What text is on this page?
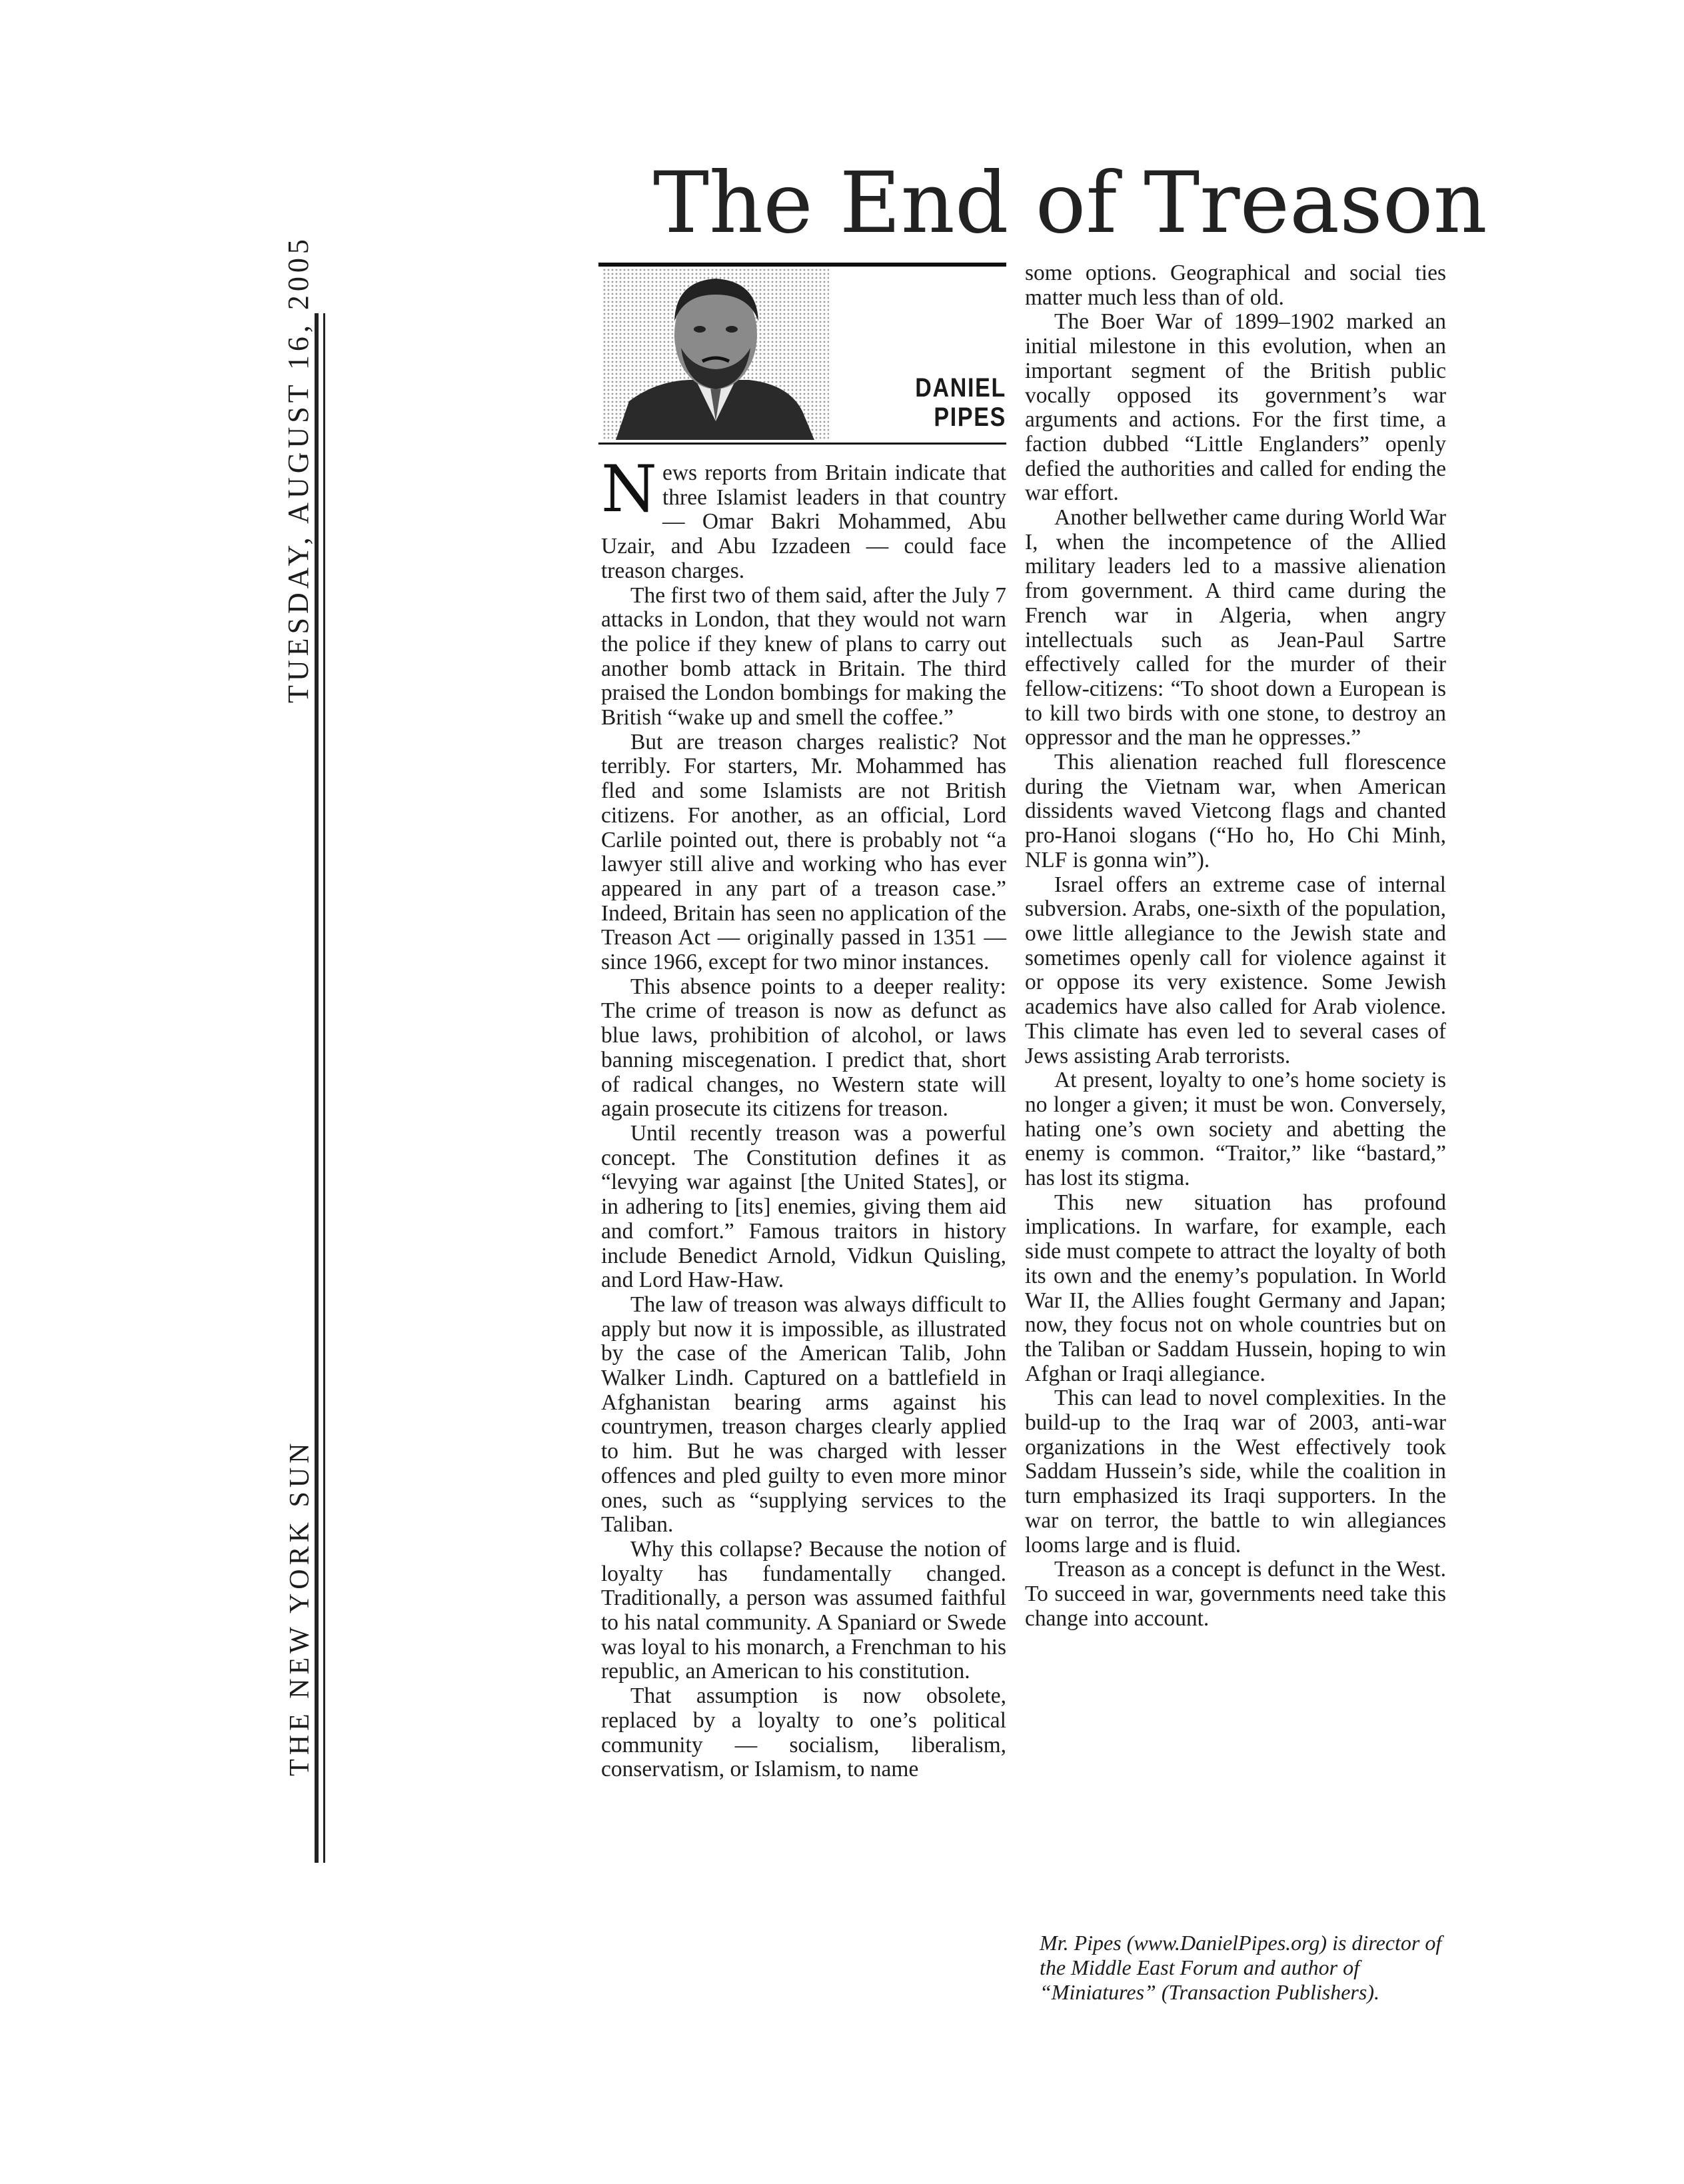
TUESDAY, AUGUST 16, 2005
THE NEW YORK SUN
The End of Treason
DANIEL
PIPES

News reports from Britain indicate that three Islamist leaders in that country — Omar Bakri Mohammed, Abu Uzair, and Abu Izzadeen — could face treason charges.

The first two of them said, after the July 7 attacks in London, that they would not warn the police if they knew of plans to carry out another bomb attack in Britain. The third praised the London bombings for making the British “wake up and smell the coffee.”

But are treason charges realistic? Not terribly. For starters, Mr. Mohammed has fled and some Islamists are not British citizens. For another, as an official, Lord Carlile pointed out, there is probably not “a lawyer still alive and working who has ever appeared in any part of a treason case.” Indeed, Britain has seen no application of the Treason Act — originally passed in 1351 — since 1966, except for two minor instances.

This absence points to a deeper reality: The crime of treason is now as defunct as blue laws, prohibition of alcohol, or laws banning miscegenation. I predict that, short of radical changes, no Western state will again prosecute its citizens for treason.

Until recently treason was a powerful concept. The Constitution defines it as “levying war against [the United States], or in adhering to [its] enemies, giving them aid and comfort.” Famous traitors in history include Benedict Arnold, Vidkun Quisling, and Lord Haw-Haw.

The law of treason was always difficult to apply but now it is impossible, as illustrated by the case of the American Talib, John Walker Lindh. Captured on a battlefield in Afghanistan bearing arms against his countrymen, treason charges clearly applied to him. But he was charged with lesser offences and pled guilty to even more minor ones, such as “supplying services to the Taliban.

Why this collapse? Because the notion of loyalty has fundamentally changed. Traditionally, a person was assumed faithful to his natal community. A Spaniard or Swede was loyal to his monarch, a Frenchman to his republic, an American to his constitution.

That assumption is now obsolete, replaced by a loyalty to one’s political community — socialism, liberalism, conservatism, or Islamism, to name

some options. Geographical and social ties matter much less than of old.

The Boer War of 1899–1902 marked an initial milestone in this evolution, when an important segment of the British public vocally opposed its government’s war arguments and actions. For the first time, a faction dubbed “Little Englanders” openly defied the authorities and called for ending the war effort.

Another bellwether came during World War I, when the incompetence of the Allied military leaders led to a massive alienation from government. A third came during the French war in Algeria, when angry intellectuals such as Jean-Paul Sartre effectively called for the murder of their fellow-citizens: “To shoot down a European is to kill two birds with one stone, to destroy an oppressor and the man he oppresses.”

This alienation reached full florescence during the Vietnam war, when American dissidents waved Vietcong flags and chanted pro-Hanoi slogans (“Ho ho, Ho Chi Minh, NLF is gonna win”).

Israel offers an extreme case of internal subversion. Arabs, one-sixth of the population, owe little allegiance to the Jewish state and sometimes openly call for violence against it or oppose its very existence. Some Jewish academics have also called for Arab violence. This climate has even led to several cases of Jews assisting Arab terrorists.

At present, loyalty to one’s home society is no longer a given; it must be won. Conversely, hating one’s own society and abetting the enemy is common. “Traitor,” like “bastard,” has lost its stigma.

This new situation has profound implications. In warfare, for example, each side must compete to attract the loyalty of both its own and the enemy’s population. In World War II, the Allies fought Germany and Japan; now, they focus not on whole countries but on the Taliban or Saddam Hussein, hoping to win Afghan or Iraqi allegiance.

This can lead to novel complexities. In the build-up to the Iraq war of 2003, anti-war organizations in the West effectively took Saddam Hussein’s side, while the coalition in turn emphasized its Iraqi supporters. In the war on terror, the battle to win allegiances looms large and is fluid.

Treason as a concept is defunct in the West. To succeed in war, governments need take this change into account.

Mr. Pipes (www.DanielPipes.org) is director of the Middle East Forum and author of “Miniatures” (Transaction Publishers).
